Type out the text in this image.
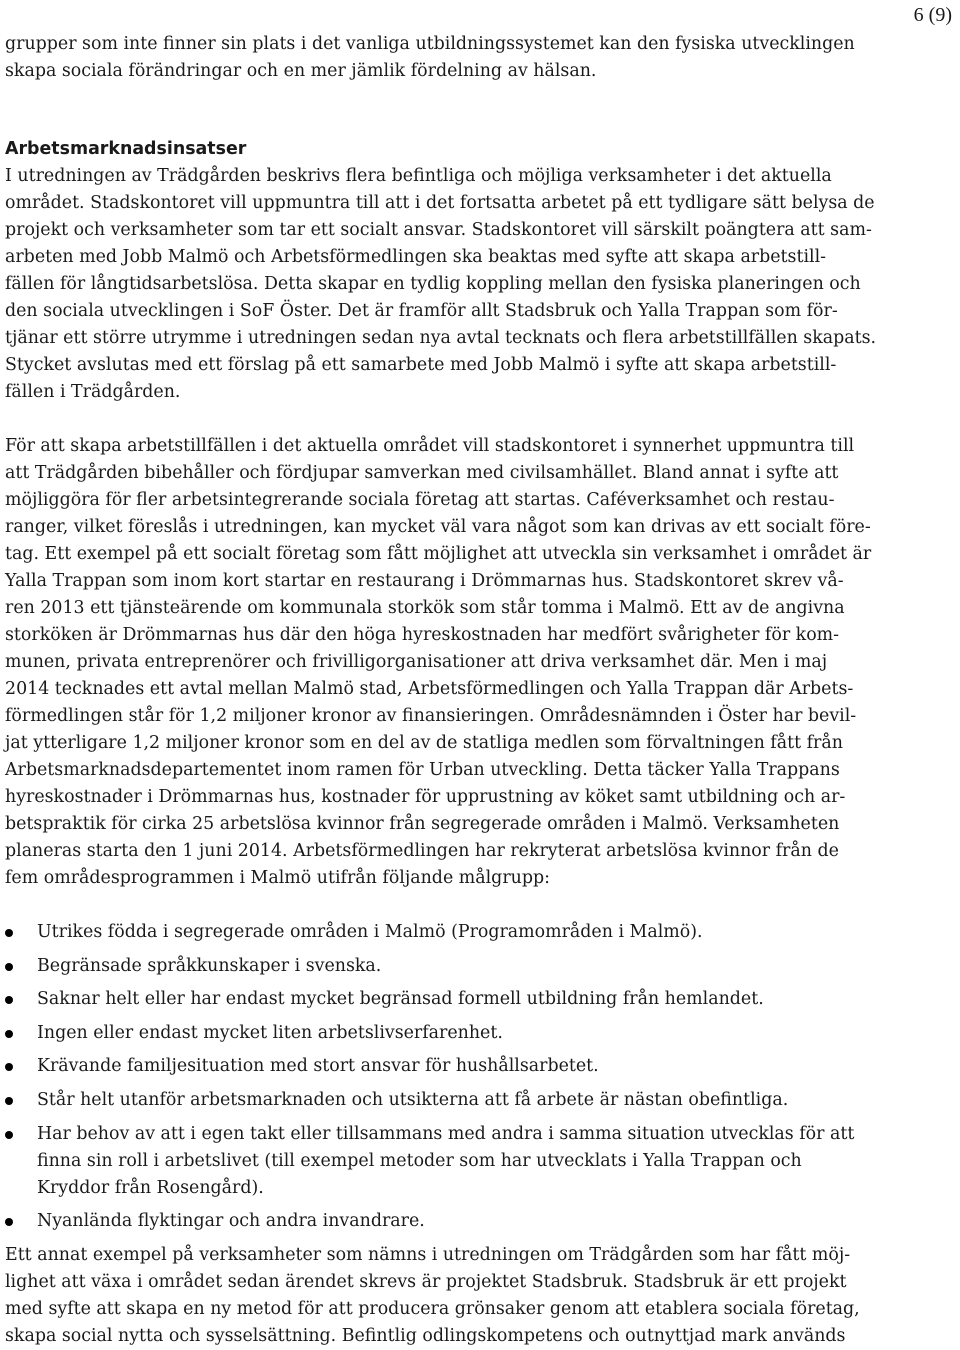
6 (9)

grupper som inte finner sin plats i det vanliga utbildningssystemet kan den fysiska utvecklingen
skapa sociala förändringar och en mer jämlik fördelning av hälsan.

Arbetsmarknadsinsatser

I utredningen av Trädgården beskrivs flera befintliga och möjliga verksamheter i det aktuella
området. Stadskontoret vill uppmuntra till att i det fortsatta arbetet på ett tydligare sätt belysa de
projekt och verksamheter som tar ett socialt ansvar. Stadskontoret vill särskilt poängtera att sam-
arbeten med Jobb Malmö och Arbetsförmedlingen ska beaktas med syfte att skapa arbetstill-
fällen för långtidsarbetslösa. Detta skapar en tydlig koppling mellan den fysiska planeringen och
den sociala utvecklingen i SoF Öster. Det är framför allt Stadsbruk och Yalla Trappan som för-
tjänar ett större utrymme i utredningen sedan nya avtal tecknats och flera arbetstillfällen skapats.
Stycket avslutas med ett förslag på ett samarbete med Jobb Malmö i syfte att skapa arbetstill-
fällen i Trädgården.

För att skapa arbetstillfällen i det aktuella området vill stadskontoret i synnerhet uppmuntra till
att Trädgården bibehåller och fördjupar samverkan med civilsamhället. Bland annat i syfte att
möjliggöra för fler arbetsintegrerande sociala företag att startas. Caféverksamhet och restau-
ranger, vilket föreslås i utredningen, kan mycket väl vara något som kan drivas av ett socialt före-
tag. Ett exempel på ett socialt företag som fått möjlighet att utveckla sin verksamhet i området är
Yalla Trappan som inom kort startar en restaurang i Drömmarnas hus. Stadskontoret skrev vå-
ren 2013 ett tjänsteärende om kommunala storkök som står tomma i Malmö. Ett av de angivna
storköken är Drömmarnas hus där den höga hyreskostnaden har medfört svårigheter för kom-
munen, privata entreprenörer och frivilligorganisationer att driva verksamhet där. Men i maj
2014 tecknades ett avtal mellan Malmö stad, Arbetsförmedlingen och Yalla Trappan där Arbets-
förmedlingen står för 1,2 miljoner kronor av finansieringen. Områdesnämnden i Öster har bevil-
jat ytterligare 1,2 miljoner kronor som en del av de statliga medlen som förvaltningen fått från
Arbetsmarknadsdepartementet inom ramen för Urban utveckling. Detta täcker Yalla Trappans
hyreskostnader i Drömmarnas hus, kostnader för upprustning av köket samt utbildning och ar-
betspraktik för cirka 25 arbetslösa kvinnor från segregerade områden i Malmö. Verksamheten
planeras starta den 1 juni 2014. Arbetsförmedlingen har rekryterat arbetslösa kvinnor från de
fem områdesprogrammen i Malmö utifrån följande målgrupp:

Utrikes födda i segregerade områden i Malmö (Programområden i Malmö).
Begränsade språkkunskaper i svenska.
Saknar helt eller har endast mycket begränsad formell utbildning från hemlandet.
Ingen eller endast mycket liten arbetslivserfarenhet.
Krävande familjesituation med stort ansvar för hushållsarbetet.
Står helt utanför arbetsmarknaden och utsikterna att få arbete är nästan obefintliga.
Har behov av att i egen takt eller tillsammans med andra i samma situation utvecklas för att
finna sin roll i arbetslivet (till exempel metoder som har utvecklats i Yalla Trappan och
Kryddor från Rosengård).
Nyanlända flyktingar och andra invandrare.

Ett annat exempel på verksamheter som nämns i utredningen om Trädgården som har fått möj-
lighet att växa i området sedan ärendet skrevs är projektet Stadsbruk. Stadsbruk är ett projekt
med syfte att skapa en ny metod för att producera grönsaker genom att etablera sociala företag,
skapa social nytta och sysselsättning. Befintlig odlingskompetens och outnyttjad mark används
